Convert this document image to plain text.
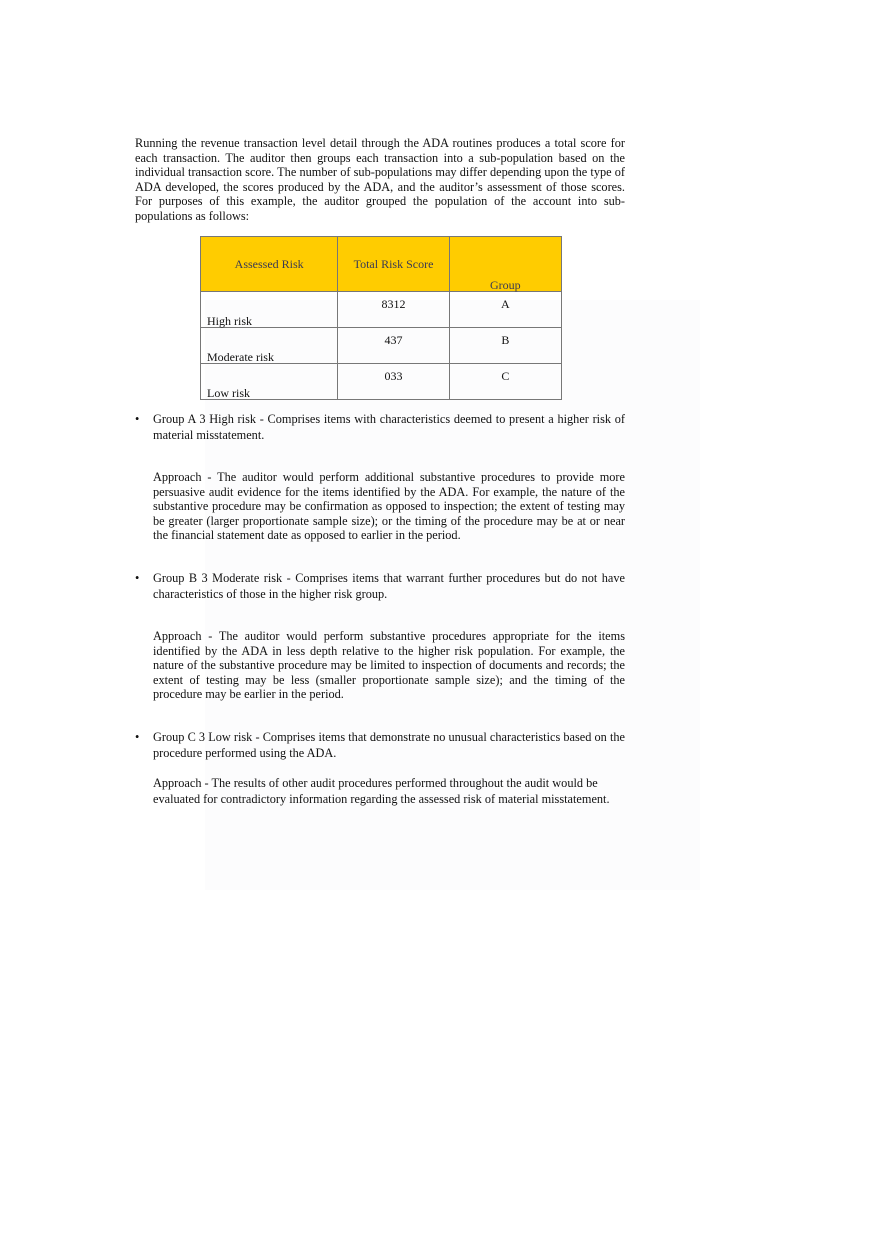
Running the revenue transaction level detail through the ADA routines produces a total score for each transaction. The auditor then groups each transaction into a sub-population based on the individual transaction score. The number of sub-populations may differ depending upon the type of ADA developed, the scores produced by the ADA, and the auditor’s assessment of those scores. For purposes of this example, the auditor grouped the population of the account into sub-populations as follows:

Assessed Risk	Total Risk Score	Group
High risk	8312	A
Moderate risk	437	B
Low risk	033	C
• Group A 3 High risk - Comprises items with characteristics deemed to present a higher risk of material misstatement.

Approach - The auditor would perform additional substantive procedures to provide more persuasive audit evidence for the items identified by the ADA. For example, the nature of the substantive procedure may be confirmation as opposed to inspection; the extent of testing may be greater (larger proportionate sample size); or the timing of the procedure may be at or near the financial statement date as opposed to earlier in the period.

• Group B 3 Moderate risk - Comprises items that warrant further procedures but do not have characteristics of those in the higher risk group.

Approach - The auditor would perform substantive procedures appropriate for the items identified by the ADA in less depth relative to the higher risk population. For example, the nature of the substantive procedure may be limited to inspection of documents and records; the extent of testing may be less (smaller proportionate sample size); and the timing of the procedure may be earlier in the period.

• Group C 3 Low risk - Comprises items that demonstrate no unusual characteristics based on the procedure performed using the ADA.

Approach - The results of other audit procedures performed throughout the audit would be evaluated for contradictory information regarding the assessed risk of material misstatement.
